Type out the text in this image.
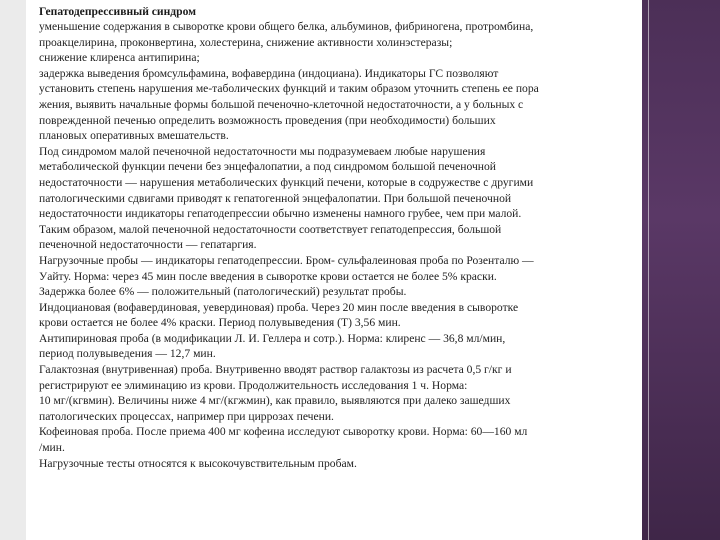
Гепатодепрессивный синдром
уменьшение содержания в сыворотке крови общего белка, альбуминов, фибриногена, протромбина,
проакцелирина, проконвертина, холестерина, снижение активности холинэстеразы;
снижение клиренса антипирина;
задержка выведения бромсульфамина, вофавердина (индоциана). Индикаторы ГС позволяют
установить степень нарушения ме-таболических функций и таким образом уточнить степень ее пора
жения, выявить начальные формы большой печеночно-клеточной недостаточности, а у больных с
поврежденной печенью определить возможность проведения (при необходимости) больших
плановых оперативных вмешательств.
Под синдромом малой печеночной недостаточности мы подразумеваем любые нарушения
метаболической функции печени без энцефалопатии, а под синдромом большой печеночной
недостаточности — нарушения метаболических функций печени, которые в содружестве с другими
патологическими сдвигами приводят к гепатогенной энцефалопатии. При большой печеночной
недостаточности индикаторы гепатодепрессии обычно изменены намного грубее, чем при малой.
Таким образом, малой печеночной недостаточности соответствует гепатодепрессия, большой
печеночной недостаточности — гепатаргия.
Нагрузочные пробы — индикаторы гепатодепрессии. Бром- сульфалеиновая проба по Розенталю —
Уайту. Норма: через 45 мин после введения в сыворотке крови остается не более 5% краски.
Задержка более 6% — положительный (патологический) результат пробы.
Индоциановая (вофавердиновая, уевердиновая) проба. Через 20 мин после введения в сыворотке
крови остается не более 4% краски. Период полувыведения (Т) 3,56 мин.
Антипириновая проба (в модификации Л. И. Геллера и сотр.). Норма: клиренс — 36,8 мл/мин,
период полувыведения — 12,7 мин.
Галактозная (внутривенная) проба. Внутривенно вводят раствор галактозы из расчета 0,5 г/кг и
регистрируют ее элиминацию из крови. Продолжительность исследования 1 ч. Норма:
10 мг/(кгвмин). Величины ниже 4 мг/(кгжмин), как правило, выявляются при далеко зашедших
патологических процессах, например при циррозах печени.
Кофеиновая проба. После приема 400 мг кофеина исследуют сыворотку крови. Норма: 60—160 мл
/мин.
Нагрузочные тесты относятся к высокочувствительным пробам.
